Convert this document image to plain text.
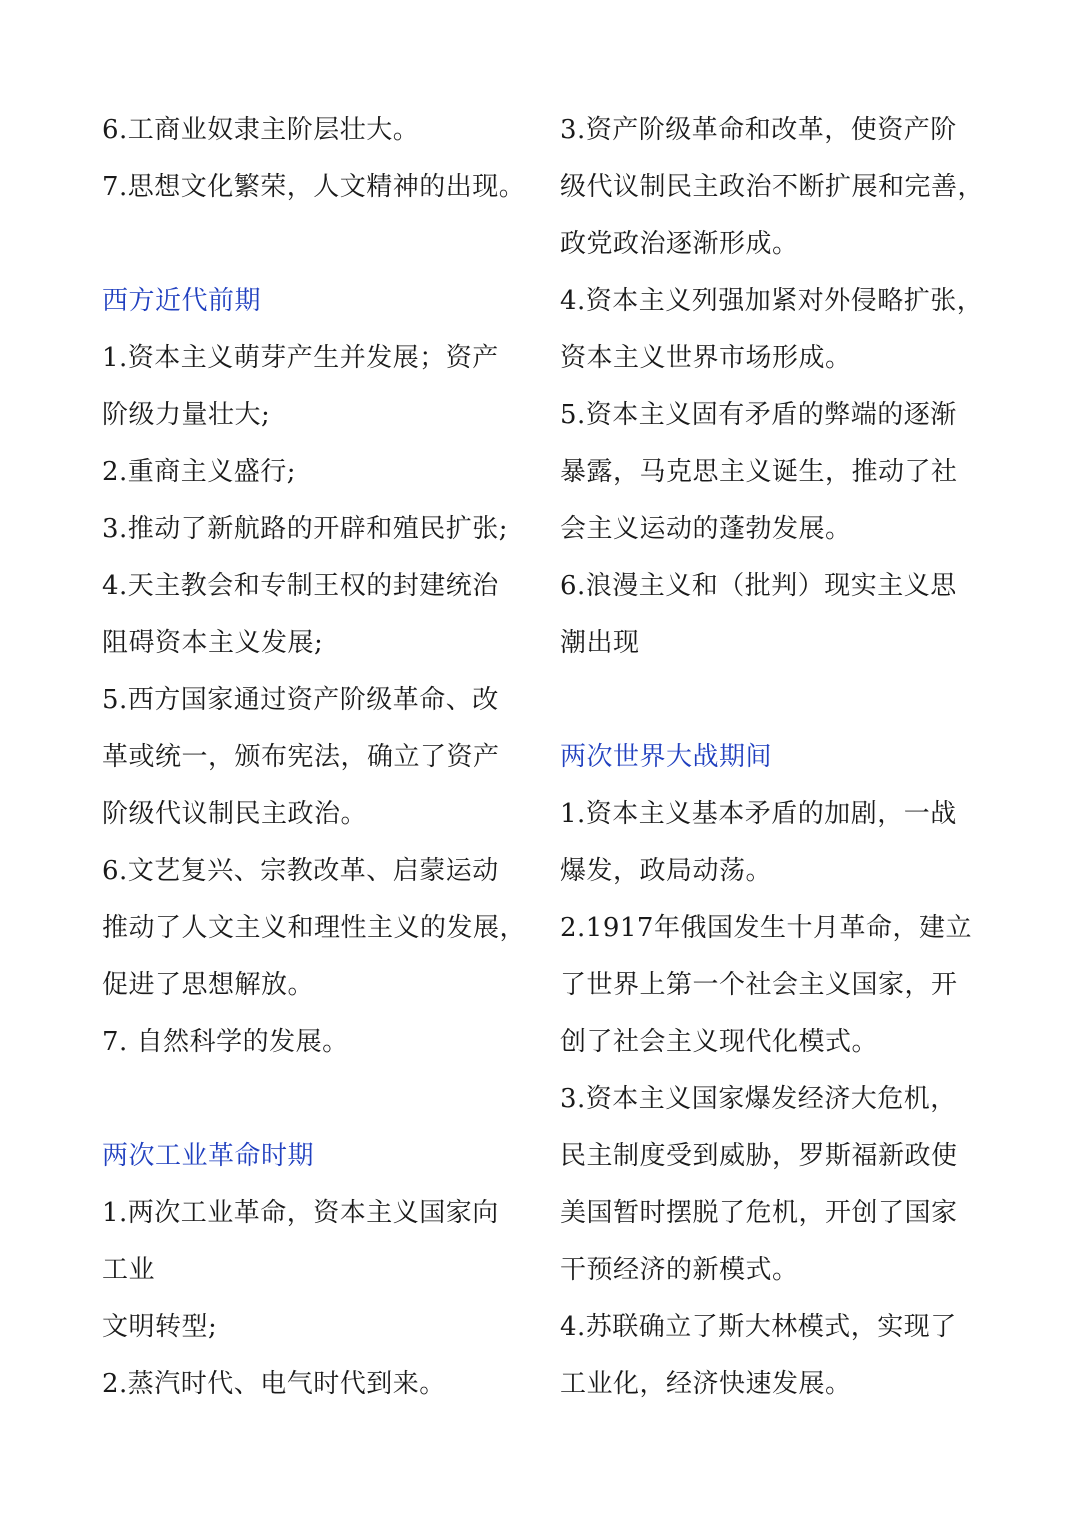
6.工商业奴隶主阶层壮大。
7.思想文化繁荣，人文精神的出现。
西方近代前期
1.资本主义萌芽产生并发展；资产
阶级力量壮大;
2.重商主义盛行;
3.推动了新航路的开辟和殖民扩张;
4.天主教会和专制王权的封建统治
阻碍资本主义发展;
5.西方国家通过资产阶级革命、改
革或统一，颁布宪法，确立了资产
阶级代议制民主政治。
6.文艺复兴、宗教改革、启蒙运动
推动了人文主义和理性主义的发展，
促进了思想解放。
7. 自然科学的发展。
两次工业革命时期
1.两次工业革命，资本主义国家向
工业
文明转型;
2.蒸汽时代、电气时代到来。
3.资产阶级革命和改革，使资产阶
级代议制民主政治不断扩展和完善，
政党政治逐渐形成。
4.资本主义列强加紧对外侵略扩张，
资本主义世界市场形成。
5.资本主义固有矛盾的弊端的逐渐
暴露，马克思主义诞生，推动了社
会主义运动的蓬勃发展。
6.浪漫主义和（批判）现实主义思
潮出现
两次世界大战期间
1.资本主义基本矛盾的加剧，一战
爆发，政局动荡。
2.1917年俄国发生十月革命，建立
了世界上第一个社会主义国家，开
创了社会主义现代化模式。
3.资本主义国家爆发经济大危机，
民主制度受到威胁，罗斯福新政使
美国暂时摆脱了危机，开创了国家
干预经济的新模式。
4.苏联确立了斯大林模式，实现了
工业化，经济快速发展。
